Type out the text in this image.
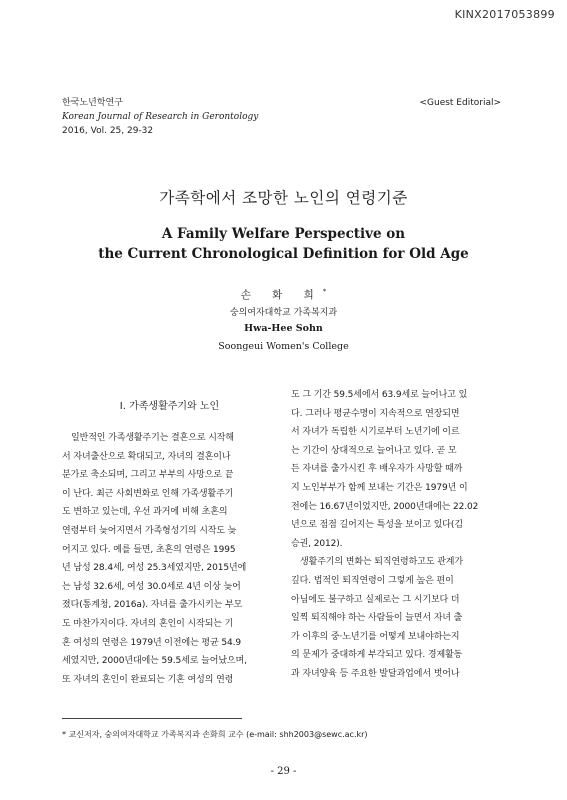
KINX2017053899
한국노년학연구
Korean Journal of Research in Gerontology
2016, Vol. 25, 29-32
<Guest Editorial>
가족학에서 조망한 노인의 연령기준
A Family Welfare Perspective on
the Current Chronological Definition for Old Age
손 화 희*
숭의여자대학교 가족복지과
Hwa-Hee Sohn
Soongeui Women's College
Ⅰ. 가족생활주기와 노인
일반적인 가족생활주기는 결혼으로 시작해
서 자녀출산으로 확대되고, 자녀의 결혼이나
분가로 축소되며, 그리고 부부의 사망으로 끝
이 난다. 최근 사회변화로 인해 가족생활주기
도 변하고 있는데, 우선 과거에 비해 초혼의
연령부터 늦어지면서 가족형성기의 시작도 늦
어지고 있다. 예를 들면, 초혼의 연령은 1995
년 남성 28.4세, 여성 25.3세였지만, 2015년에
는 남성 32.6세, 여성 30.0세로 4년 이상 늦어
졌다(통계청, 2016a). 자녀를 출가시키는 부모
도 마찬가지이다. 자녀의 혼인이 시작되는 기
혼 여성의 연령은 1979년 이전에는 평균 54.9
세였지만, 2000년대에는 59.5세로 늘어났으며,
또 자녀의 혼인이 완료되는 기혼 여성의 연령
도 그 기간 59.5세에서 63.9세로 늘어나고 있
다. 그러나 평균수명이 지속적으로 연장되면
서 자녀가 독립한 시기로부터 노년기에 이르
는 기간이 상대적으로 늘어나고 있다. 곧 모
든 자녀를 출가시킨 후 배우자가 사망할 때까
지 노인부부가 함께 보내는 기간은 1979년 이
전에는 16.67년이었지만, 2000년대에는 22.02
년으로 점점 길어지는 특성을 보이고 있다(김
승권, 2012).
생활주기의 변화는 퇴직연령하고도 관계가
깊다. 법적인 퇴직연령이 그렇게 높은 편이
아님에도 불구하고 실제로는 그 시기보다 더
일찍 퇴직해야 하는 사람들이 늘면서 자녀 출
가 이후의 중·노년기를 어떻게 보내야하는지
의 문제가 중대하게 부각되고 있다. 경제활동
과 자녀양육 등 주요한 발달과업에서 벗어나
* 교신저자, 숭의여자대학교 가족복지과 손화희 교수 (e-mail: shh2003@sewc.ac.kr)
- 29 -
